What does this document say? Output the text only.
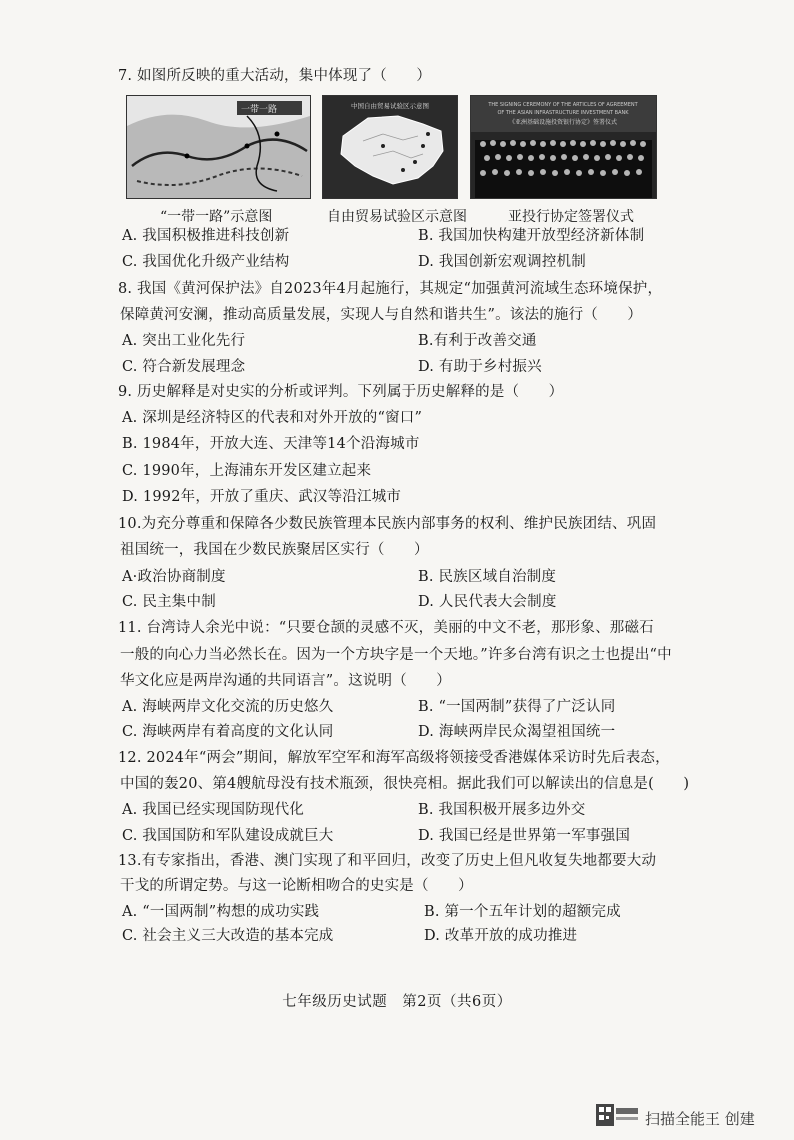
7. 如图所反映的重大活动，集中体现了（　　）
一带一路	中国自由贸易试验区示意图	THE SIGNING CEREMONY OF THE ARTICLES OF AGREEMENT
OF THE ASIAN INFRASTRUCTURE INVESTMENT BANK
《亚洲基础设施投资银行协定》签署仪式
“一带一路”示意图	自由贸易试验区示意图	亚投行协定签署仪式
A. 我国积极推进科技创新	B. 我国加快构建开放型经济新体制
C. 我国优化升级产业结构	D. 我国创新宏观调控机制
8. 我国《黄河保护法》自2023年4月起施行，其规定“加强黄河流域生态环境保护，
保障黄河安澜，推动高质量发展，实现人与自然和谐共生”。该法的施行（　　）
A. 突出工业化先行	B.有利于改善交通
C. 符合新发展理念	D. 有助于乡村振兴
9. 历史解释是对史实的分析或评判。下列属于历史解释的是（　　）
A. 深圳是经济特区的代表和对外开放的“窗口”
B. 1984年，开放大连、天津等14个沿海城市
C. 1990年，上海浦东开发区建立起来
D. 1992年，开放了重庆、武汉等沿江城市
10.为充分尊重和保障各少数民族管理本民族内部事务的权利、维护民族团结、巩固
祖国统一，我国在少数民族聚居区实行（　　）
A·政治协商制度	B. 民族区域自治制度
C. 民主集中制	D. 人民代表大会制度
11. 台湾诗人余光中说：“只要仓颉的灵感不灭，美丽的中文不老，那形象、那磁石
一般的向心力当必然长在。因为一个方块字是一个天地。”许多台湾有识之士也提出“中
华文化应是两岸沟通的共同语言”。这说明（　　）
A. 海峡两岸文化交流的历史悠久	B. “一国两制”获得了广泛认同
C. 海峡两岸有着高度的文化认同	D. 海峡两岸民众渴望祖国统一
12. 2024年“两会”期间，解放军空军和海军高级将领接受香港媒体采访时先后表态，
中国的轰20、第4艘航母没有技术瓶颈，很快亮相。据此我们可以解读出的信息是(　　)
A. 我国已经实现国防现代化	B. 我国积极开展多边外交
C. 我国国防和军队建设成就巨大	D. 我国已经是世界第一军事强国
13.有专家指出，香港、澳门实现了和平回归，改变了历史上但凡收复失地都要大动
干戈的所谓定势。与这一论断相吻合的史实是（　　）
A. “一国两制”构想的成功实践	B. 第一个五年计划的超额完成
C. 社会主义三大改造的基本完成	D. 改革开放的成功推进
七年级历史试题　第2页（共6页）
扫描全能王 创建
